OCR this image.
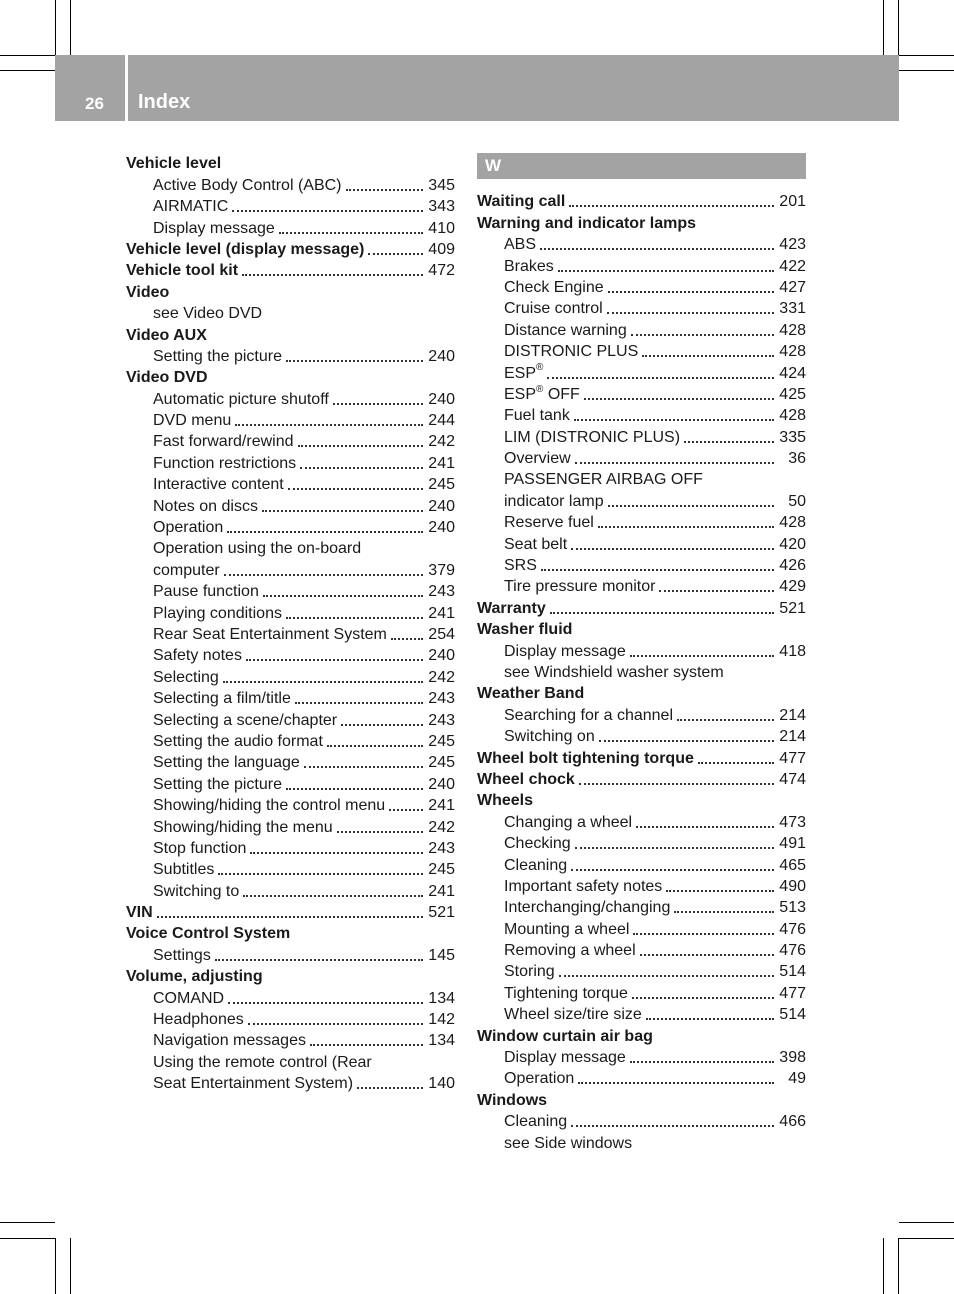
26 Index
Vehicle level
Active Body Control (ABC)	345
AIRMATIC	343
Display message	410
Vehicle level (display message)	409
Vehicle tool kit	472
Video
see Video DVD
Video AUX
Setting the picture	240
Video DVD
Automatic picture shutoff	240
DVD menu	244
Fast forward/rewind	242
Function restrictions	241
Interactive content	245
Notes on discs	240
Operation	240
Operation using the on-board
computer	379
Pause function	243
Playing conditions	241
Rear Seat Entertainment System	254
Safety notes	240
Selecting	242
Selecting a film/title	243
Selecting a scene/chapter	243
Setting the audio format	245
Setting the language	245
Setting the picture	240
Showing/hiding the control menu	241
Showing/hiding the menu	242
Stop function	243
Subtitles	245
Switching to	241
VIN	521
Voice Control System
Settings	145
Volume, adjusting
COMAND	134
Headphones	142
Navigation messages	134
Using the remote control (Rear
Seat Entertainment System)	140
W
Waiting call	201
Warning and indicator lamps
ABS	423
Brakes	422
Check Engine	427
Cruise control	331
Distance warning	428
DISTRONIC PLUS	428
ESP®	424
ESP® OFF	425
Fuel tank	428
LIM (DISTRONIC PLUS)	335
Overview	36
PASSENGER AIRBAG OFF
indicator lamp	50
Reserve fuel	428
Seat belt	420
SRS	426
Tire pressure monitor	429
Warranty	521
Washer fluid
Display message	418
see Windshield washer system
Weather Band
Searching for a channel	214
Switching on	214
Wheel bolt tightening torque	477
Wheel chock	474
Wheels
Changing a wheel	473
Checking	491
Cleaning	465
Important safety notes	490
Interchanging/changing	513
Mounting a wheel	476
Removing a wheel	476
Storing	514
Tightening torque	477
Wheel size/tire size	514
Window curtain air bag
Display message	398
Operation	49
Windows
Cleaning	466
see Side windows
